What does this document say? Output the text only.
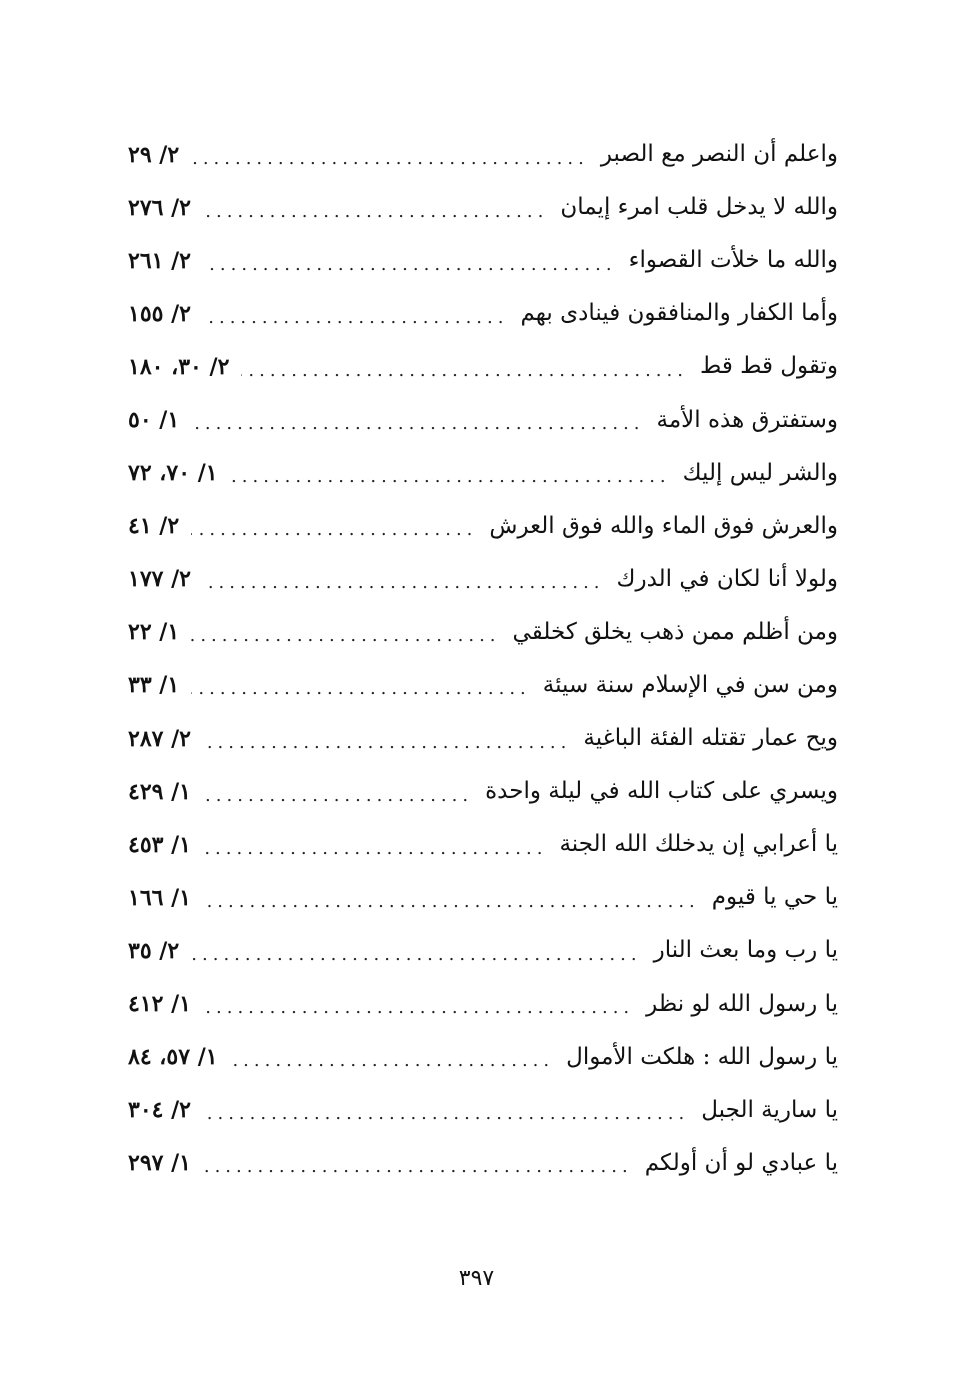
واعلم أن النصر مع الصبر
.....
٢/ ٢٩
والله لا يدخل قلب امرء إيمان
.....
٢/ ٢٧٦
والله ما خلأت القصواء
.....
٢/ ٢٦١
وأما الكفار والمنافقون فينادى بهم
.....
٢/ ١٥٥
وتقول قط قط
.....
٢/ ٣٠، ١٨٠
وستفترق هذه الأمة
.....
١/ ٥٠
والشر ليس إليك
.....
١/ ٧٠، ٧٢
والعرش فوق الماء والله فوق العرش
.....
٢/ ٤١
ولولا أنا لكان في الدرك
.....
٢/ ١٧٧
ومن أظلم ممن ذهب يخلق كخلقي
.....
١/ ٢٢
ومن سن في الإسلام سنة سيئة
.....
١/ ٣٣
ويح عمار تقتله الفئة الباغية
.....
٢/ ٢٨٧
ويسري على كتاب الله في ليلة واحدة
.....
١/ ٤٢٩
يا أعرابي إن يدخلك الله الجنة
.....
١/ ٤٥٣
يا حي يا قيوم
.....
١/ ١٦٦
يا رب وما بعث النار
.....
٢/ ٣٥
يا رسول الله لو نظر
.....
١/ ٤١٢
يا رسول الله : هلكت الأموال
.....
١/ ٥٧، ٨٤
يا سارية الجبل
.....
٢/ ٣٠٤
يا عبادي لو أن أولكم
.....
١/ ٢٩٧
٣٩٧
